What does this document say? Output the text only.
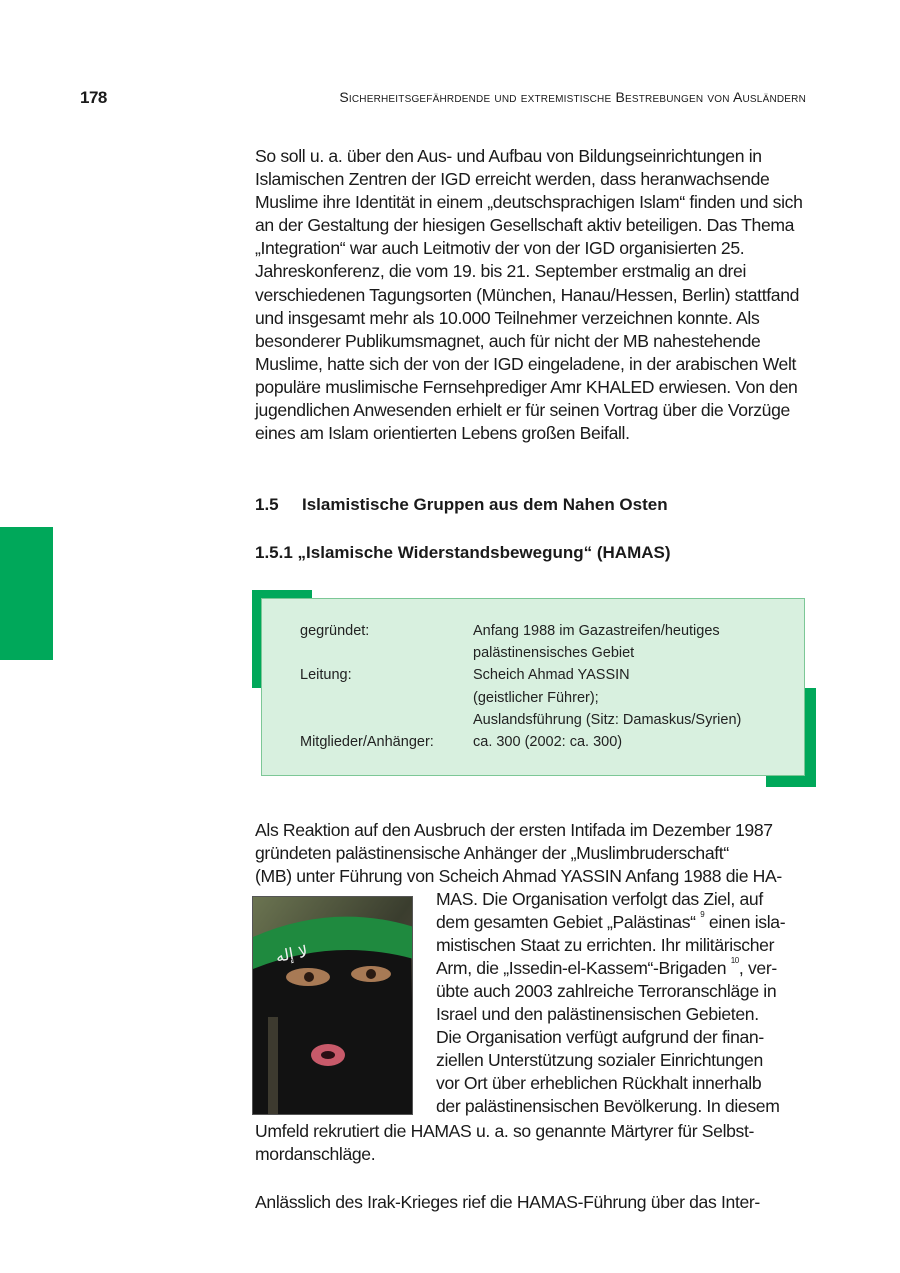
178	Sicherheitsgefährdende und extremistische Bestrebungen von Ausländern
So soll u. a. über den Aus- und Aufbau von Bildungseinrichtungen in Islamischen Zentren der IGD erreicht werden, dass heranwachsende Muslime ihre Identität in einem „deutschsprachigen Islam“ finden und sich an der Gestaltung der hiesigen Gesellschaft aktiv beteiligen. Das Thema „Integration“ war auch Leitmotiv der von der IGD organisierten 25. Jahreskonferenz, die vom 19. bis 21. September erstmalig an drei verschiedenen Tagungsorten (München, Hanau/Hessen, Berlin) stattfand und insgesamt mehr als 10.000 Teilnehmer verzeichnen konnte. Als besonderer Publikumsmagnet, auch für nicht der MB nahestehende Muslime, hatte sich der von der IGD eingeladene, in der arabischen Welt populäre muslimische Fernsehprediger Amr KHALED erwiesen. Von den jugendlichen Anwesenden erhielt er für seinen Vortrag über die Vorzüge eines am Islam orientierten Lebens großen Beifall.
1.5 Islamistische Gruppen aus dem Nahen Osten
1.5.1 „Islamische Widerstandsbewegung“ (HAMAS)
gegründet:	Anfang 1988 im Gazastreifen/heutiges
palästinensisches Gebiet

Leitung:	Scheich Ahmad YASSIN
(geistlicher Führer);
Auslandsführung (Sitz: Damaskus/Syrien)

Mitglieder/Anhänger:	ca. 300 (2002: ca. 300)
Als Reaktion auf den Ausbruch der ersten Intifada im Dezember 1987
gründeten palästinensische Anhänger der „Muslimbruderschaft“
(MB) unter Führung von Scheich Ahmad YASSIN Anfang 1988 die HA-
لا إله
MAS. Die Organisation verfolgt das Ziel, auf
dem gesamten Gebiet „Palästinas“ $^9$ einen isla-
mistischen Staat zu errichten. Ihr militärischer
Arm, die „Issedin-el-Kassem“-Brigaden $^{10}$, ver-
übte auch 2003 zahlreiche Terroranschläge in
Israel und den palästinensischen Gebieten.
Die Organisation verfügt aufgrund der finan-
ziellen Unterstützung sozialer Einrichtungen
vor Ort über erheblichen Rückhalt innerhalb
der palästinensischen Bevölkerung. In diesem
Umfeld rekrutiert die HAMAS u. a. so genannte Märtyrer für Selbst-
mordanschläge.
Anlässlich des Irak-Krieges rief die HAMAS-Führung über das Inter-
